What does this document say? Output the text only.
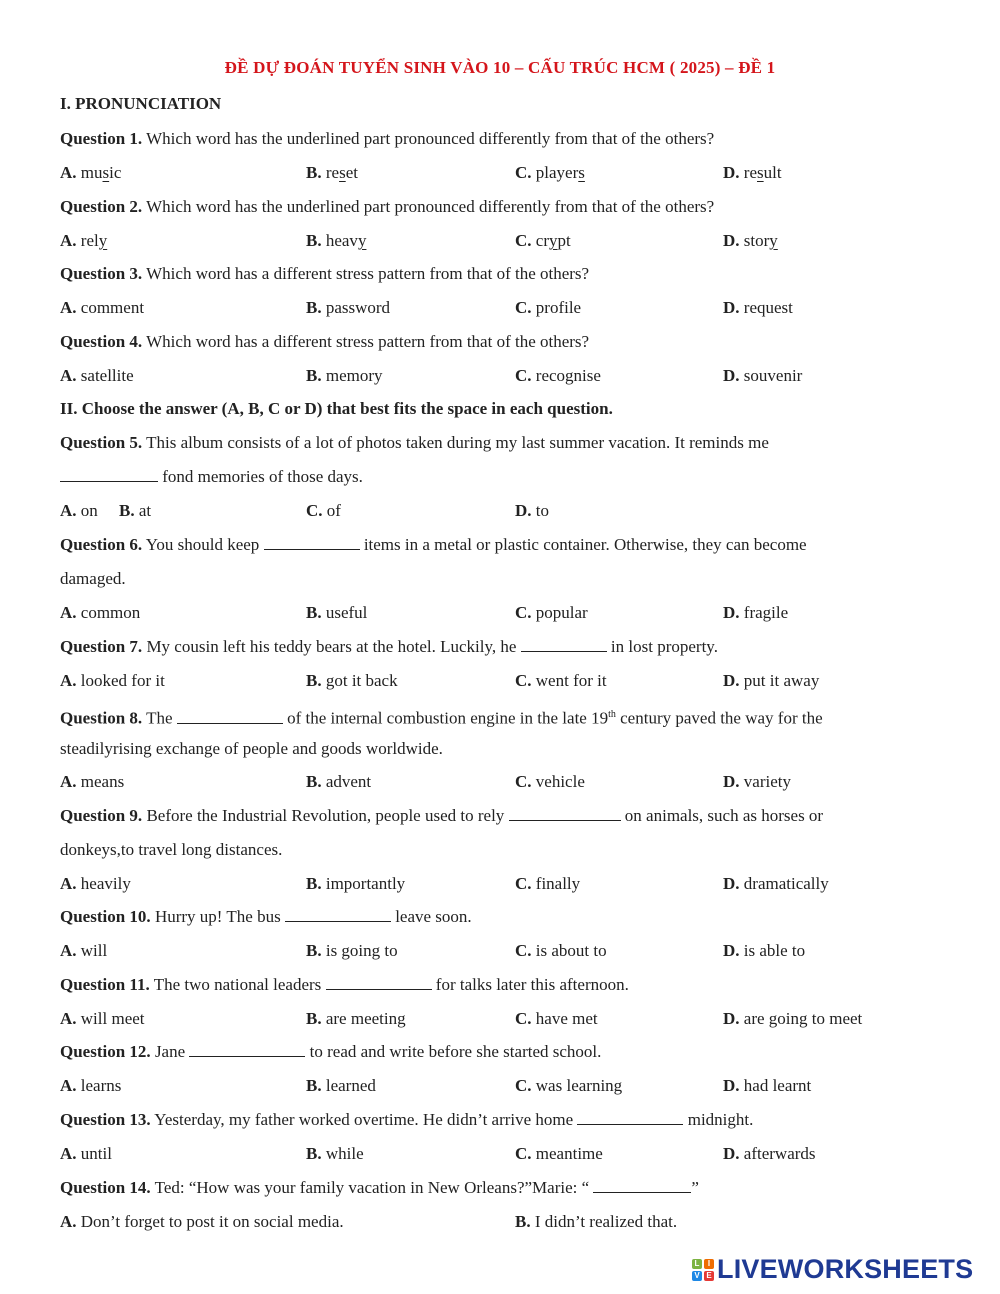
ĐỀ DỰ ĐOÁN TUYỂN SINH VÀO 10 – CẤU TRÚC HCM ( 2025) – ĐỀ 1
I. PRONUNCIATION
Question 1. Which word has the underlined part pronounced differently from that of the others?
A. music	B. reset	C. players	D. result
Question 2. Which word has the underlined part pronounced differently from that of the others?
A. rely	B. heavy	C. crypt	D. story
Question 3. Which word has a different stress pattern from that of the others?
A. comment	B. password	C. profile	D. request
Question 4. Which word has a different stress pattern from that of the others?
A. satellite	B. memory	C. recognise	D. souvenir
II. Choose the answer (A, B, C or D) that best fits the space in each question.
Question 5. This album consists of a lot of photos taken during my last summer vacation. It reminds me
fond memories of those days.
A. on B. at	C. of	D. to
Question 6. You should keep	items in a metal or plastic container. Otherwise, they can become
damaged.
A. common	B. useful	C. popular	D. fragile
Question 7. My cousin left his teddy bears at the hotel. Luckily, he	in lost property.
A. looked for it	B. got it back	C. went for it	D. put it away
Question 8. The	of the internal combustion engine in the late 19th century paved the way for the
steadilyrising exchange of people and goods worldwide.
A. means	B. advent	C. vehicle	D. variety
Question 9. Before the Industrial Revolution, people used to rely	on animals, such as horses or
donkeys,to travel long distances.
A. heavily	B. importantly	C. finally	D. dramatically
Question 10. Hurry up! The bus	leave soon.
A. will	B. is going to	C. is about to	D. is able to
Question 11. The two national leaders	for talks later this afternoon.
A. will meet	B. are meeting	C. have met	D. are going to meet
Question 12. Jane	to read and write before she started school.
A. learns	B. learned	C. was learning	D. had learnt
Question 13. Yesterday, my father worked overtime. He didn’t arrive home	midnight.
A. until	B. while	C. meantime	D. afterwards
Question 14. Ted: “How was your family vacation in New Orleans?”Marie: “	”
A. Don’t forget to post it on social media.	B. I didn’t realized that.
L	I
V E LIVEWORKSHEETS
